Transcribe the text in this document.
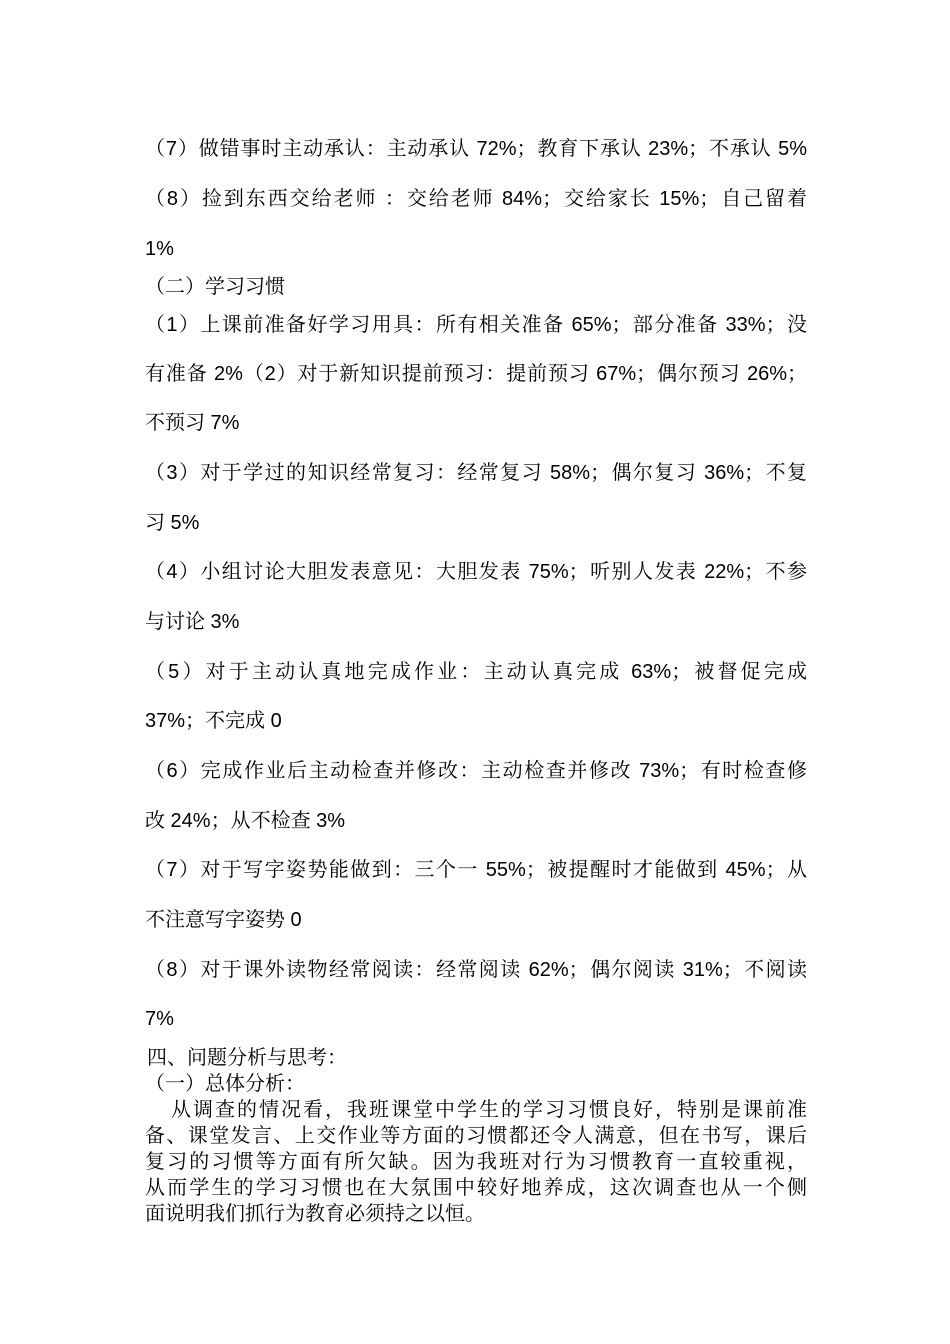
（7）做错事时主动承认：主动承认 72%；教育下承认 23%；不承认 5%
（8）捡到东西交给老师 ：交给老师 84%；交给家长 15%；自己留着
1%
（二）学习习惯
（1）上课前准备好学习用具：所有相关准备 65%；部分准备 33%；没
有准备 2%（2）对于新知识提前预习：提前预习 67%；偶尔预习 26%；
不预习 7%
（3）对于学过的知识经常复习：经常复习 58%；偶尔复习 36%；不复
习 5%
（4）小组讨论大胆发表意见：大胆发表 75%；听别人发表 22%；不参
与讨论 3%
（5）对于主动认真地完成作业：主动认真完成 63%；被督促完成
37%；不完成 0
（6）完成作业后主动检查并修改：主动检查并修改 73%；有时检查修
改 24%；从不检查 3%
（7）对于写字姿势能做到：三个一 55%；被提醒时才能做到 45%；从
不注意写字姿势 0
（8）对于课外读物经常阅读：经常阅读 62%；偶尔阅读 31%；不阅读
7%
四、问题分析与思考：
（一）总体分析：
从调查的情况看，我班课堂中学生的学习习惯良好，特别是课前准
备、课堂发言、上交作业等方面的习惯都还令人满意，但在书写，课后
复习的习惯等方面有所欠缺。因为我班对行为习惯教育一直较重视，
从而学生的学习习惯也在大氛围中较好地养成，这次调查也从一个侧
面说明我们抓行为教育必须持之以恒。
